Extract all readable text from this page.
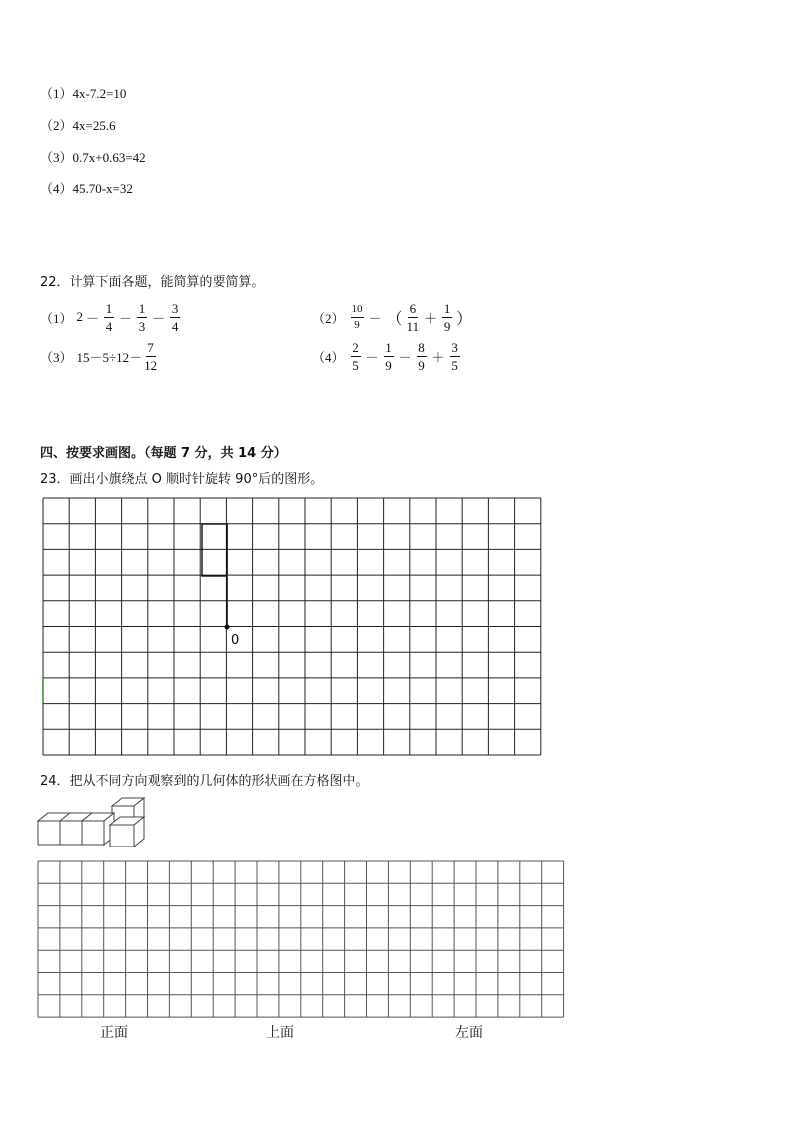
（1）4x-7.2=10
（2）4x=25.6
（3）0.7x+0.63=42
（4）45.70-x=32
22．计算下面各题，能简算的要简算。
（1） $2 - \frac{1}{4} - \frac{1}{3} - \frac{3}{4}$	$(2) \frac{10}{9}$ － （ $\frac{6}{11} + \frac{1}{9}$ ）
（3） $15-5\div 12- \frac{7}{12}$	$(4) \frac{2}{5} - \frac{1}{9} - \frac{8}{9} + \frac{3}{5}$
四、按要求画图。（每题 7 分，共 14 分）
23．画出小旗绕点 O 顺时针旋转 90°后的图形。
0
24．把从不同方向观察到的几何体的形状画在方格图中。
正面	上面	左面
